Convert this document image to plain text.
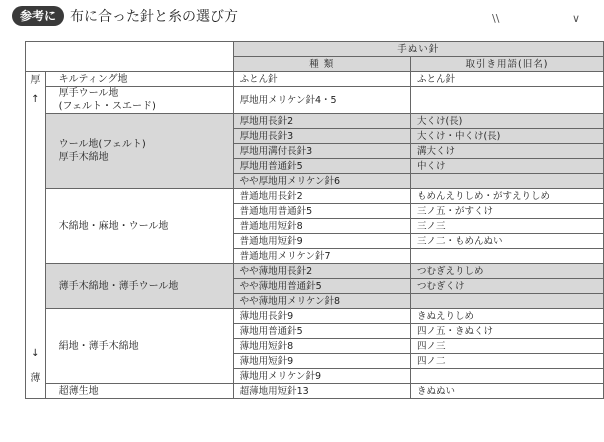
参考に	布に合った針と糸の選び方	\\	∨
		手ぬい針	
		種 類	取引き用語(旧名)

厚
↑
↓
薄	キルティング地	ふとん針	ふとん針

	厚手ウール地
(フェルト・スエード)	厚地用メリケン針4・5	

	ウール地(フェルト)
厚手木綿地	厚地用長針2	大くけ(長)
		厚地用長針3	大くけ・中くけ(長)
		厚地用溝付長針3	溝大くけ
		厚地用普通針5	中くけ
		やや厚地用メリケン針6	

	木綿地・麻地・ウール地	普通地用長針2	もめんえりしめ・がすえりしめ
		普通地用普通針5	三ノ五・がすくけ
		普通地用短針8	三ノ三
		普通地用短針9	三ノ二・もめんぬい
		普通地用メリケン針7	

	薄手木綿地・薄手ウール地	やや薄地用長針2	つむぎえりしめ
		やや薄地用普通針5	つむぎくけ
		やや薄地用メリケン針8	

	絹地・薄手木綿地	薄地用長針9	きぬえりしめ
		薄地用普通針5	四ノ五・きぬくけ
		薄地用短針8	四ノ三
		薄地用短針9	四ノ二
		薄地用メリケン針9	

	超薄生地	超薄地用短針13	きぬぬい
